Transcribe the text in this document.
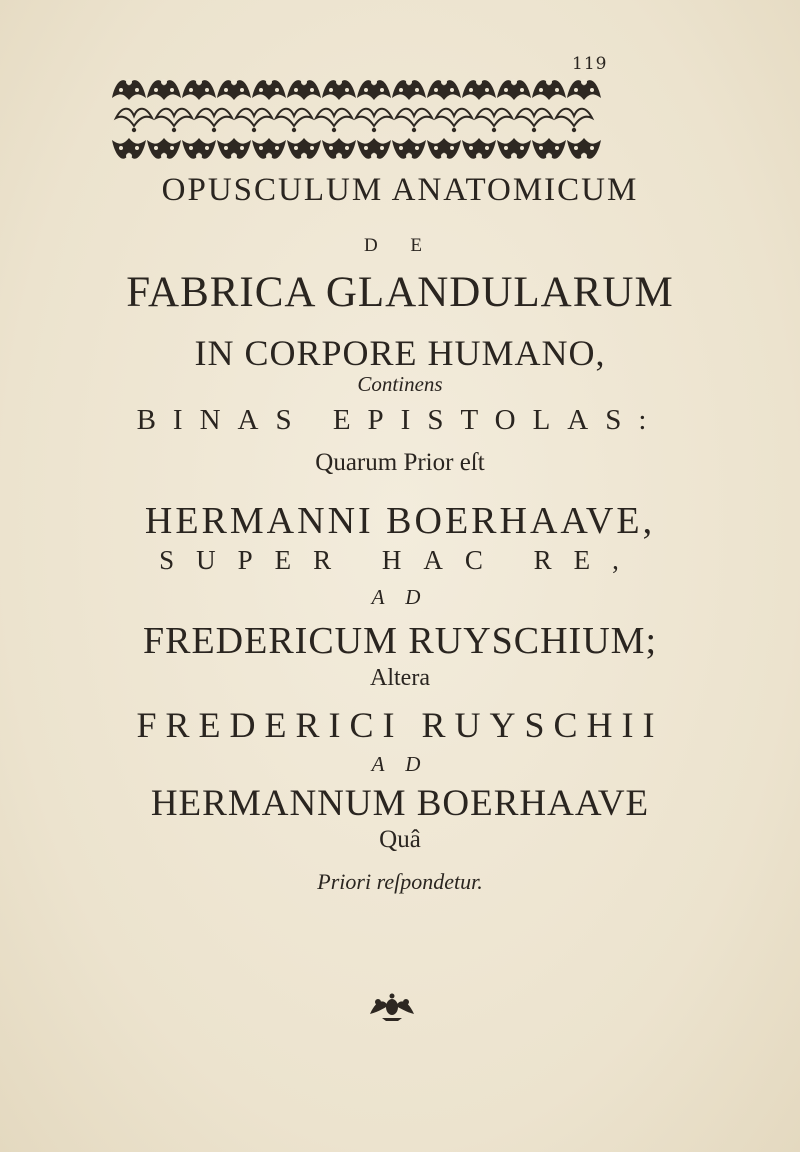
119
OPUSCULUM ANATOMICUM
D E
FABRICA GLANDULARUM
IN CORPORE HUMANO,
Continens
BINAS EPISTOLAS:
Quarum Prior eſt
HERMANNI BOERHAAVE,
SUPER HAC RE,
A D
FREDERICUM RUYSCHIUM;
Altera
FREDERICI RUYSCHII
A D
HERMANNUM BOERHAAVE
Quâ
Priori reſpondetur.
